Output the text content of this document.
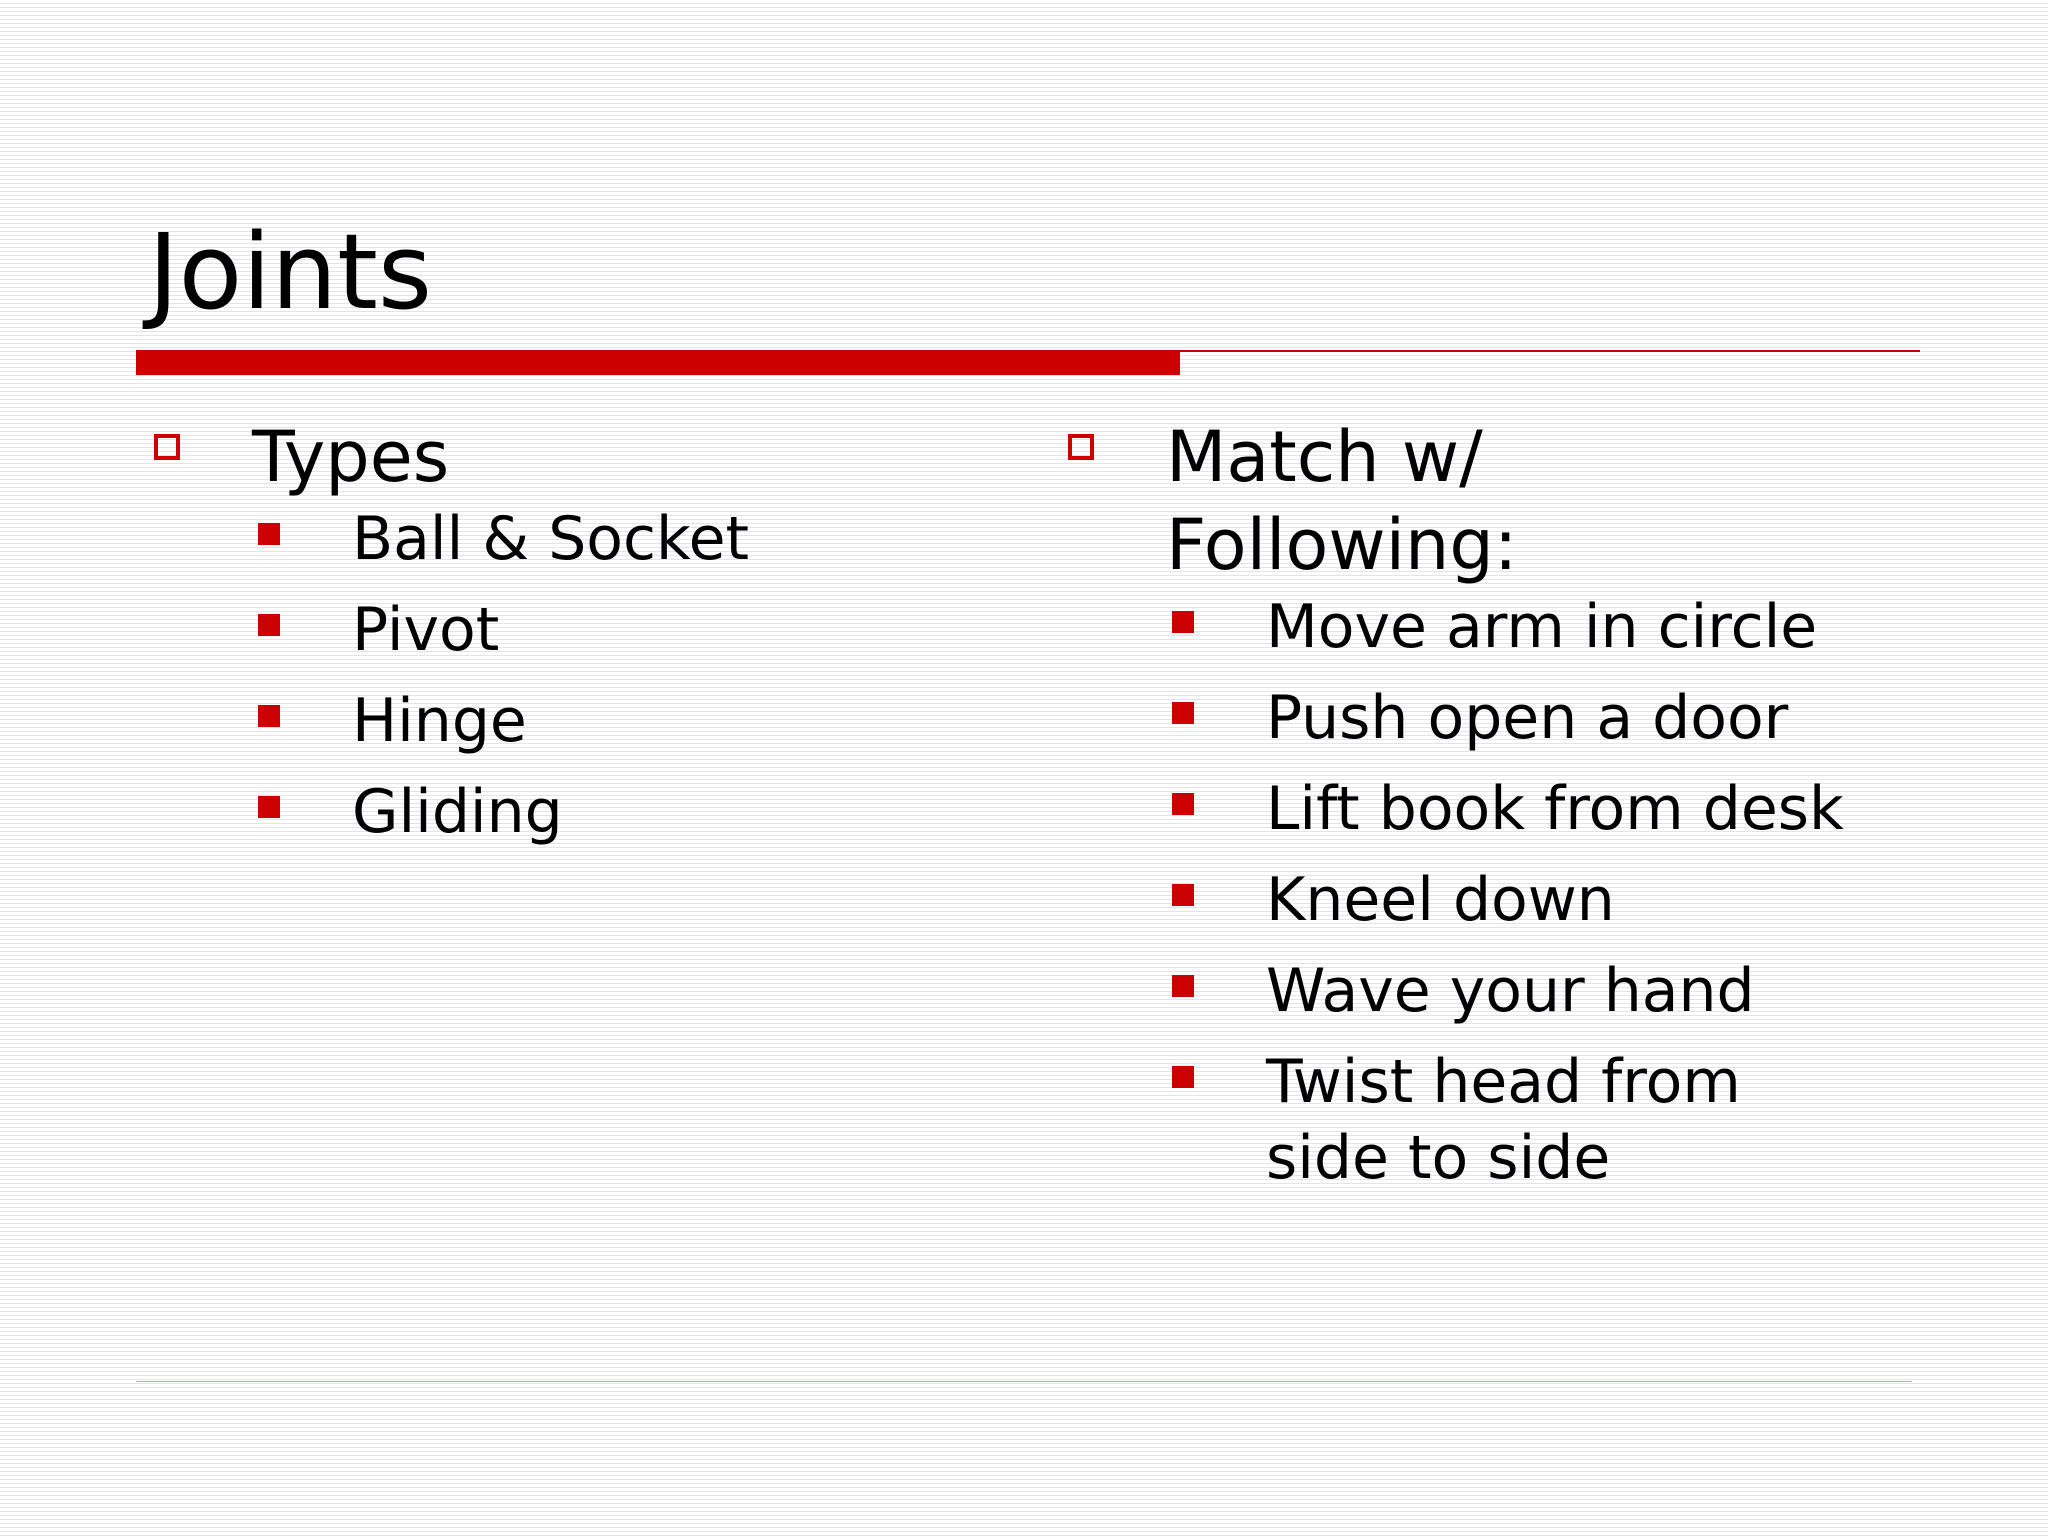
Joints
Types
Ball & Socket
Pivot
Hinge
Gliding
Match w/
Following:
Move arm in circle
Push open a door
Lift book from desk
Kneel down
Wave your hand
Twist head from
side to side
